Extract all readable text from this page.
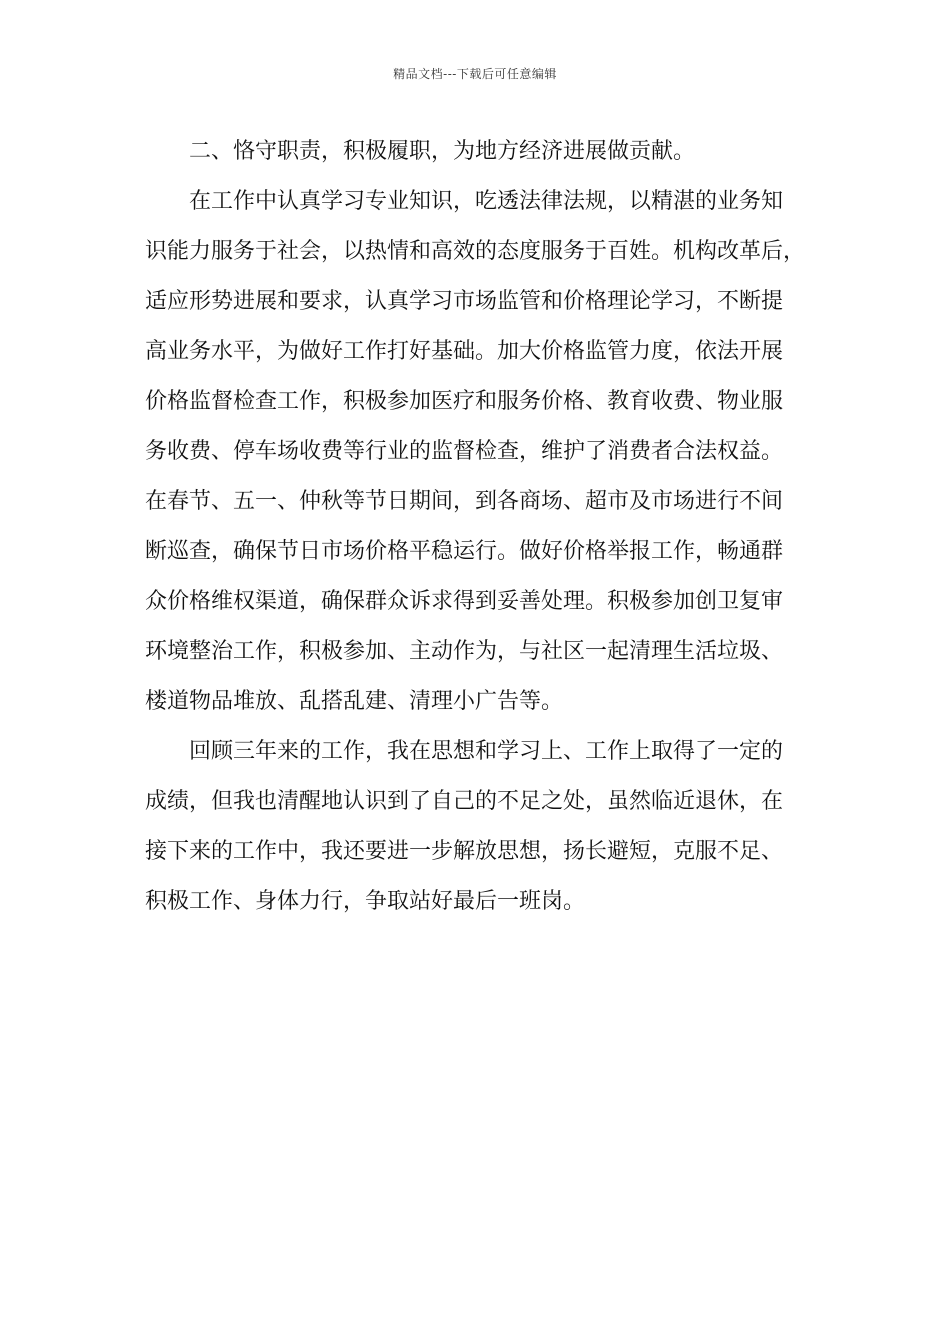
精品文档---下载后可任意编辑
二、恪守职责，积极履职，为地方经济进展做贡献。
在工作中认真学习专业知识，吃透法律法规，以精湛的业务知
识能力服务于社会，以热情和高效的态度服务于百姓。机构改革后，
适应形势进展和要求，认真学习市场监管和价格理论学习，不断提
高业务水平，为做好工作打好基础。加大价格监管力度，依法开展
价格监督检查工作，积极参加医疗和服务价格、教育收费、物业服
务收费、停车场收费等行业的监督检查，维护了消费者合法权益。
在春节、五一、仲秋等节日期间，到各商场、超市及市场进行不间
断巡查，确保节日市场价格平稳运行。做好价格举报工作，畅通群
众价格维权渠道，确保群众诉求得到妥善处理。积极参加创卫复审
环境整治工作，积极参加、主动作为，与社区一起清理生活垃圾、
楼道物品堆放、乱搭乱建、清理小广告等。
回顾三年来的工作，我在思想和学习上、工作上取得了一定的
成绩，但我也清醒地认识到了自己的不足之处，虽然临近退休，在
接下来的工作中，我还要进一步解放思想，扬长避短，克服不足、
积极工作、身体力行，争取站好最后一班岗。
